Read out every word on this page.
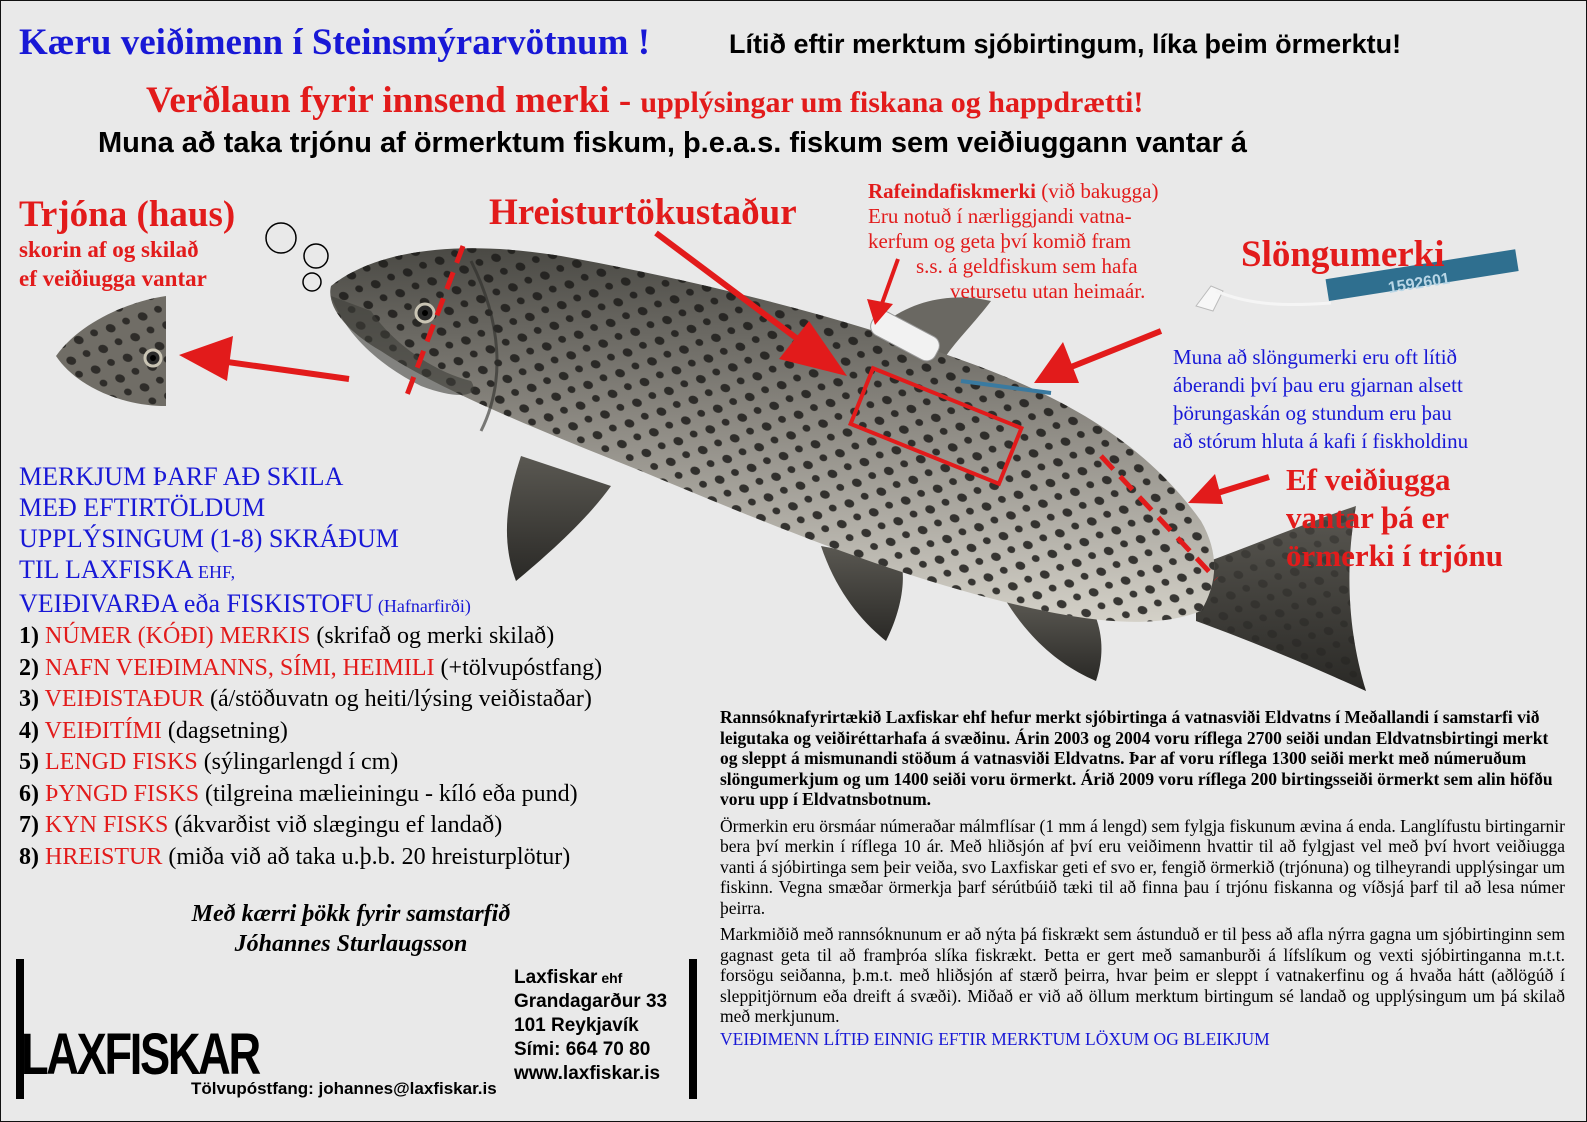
1592601
Kæru veiðimenn í Steinsmýrarvötnum !	Lítið eftir merktum sjóbirtingum, líka þeim örmerktu!
Verðlaun fyrir innsend merki - upplýsingar um fiskana og happdrætti!
Muna að taka trjónu af örmerktum fiskum, þ.e.a.s. fiskum sem veiðiuggann vantar á
Trjóna (haus)
skorin af og skilað
ef veiðiugga vantar
Hreisturtökustaður
Rafeindafiskmerki (við bakugga)
Eru notuð í nærliggjandi vatna-
kerfum og geta því komið fram
s.s. á geldfiskum sem hafa
vetursetu utan heimaár.
Slöngumerki
Muna að slöngumerki eru oft lítið
áberandi því þau eru gjarnan alsett
þörungaskán og stundum eru þau
að stórum hluta á kafi í fiskholdinu
Ef veiðiugga
vantar þá er
örmerki í trjónu
MERKJUM ÞARF AÐ SKILA
MEÐ EFTIRTÖLDUM
UPPLÝSINGUM (1-8) SKRÁÐUM
TIL LAXFISKA EHF,
VEIÐIVARÐA eða FISKISTOFU (Hafnarfirði)
1) NÚMER (KÓÐI) MERKIS (skrifað og merki skilað)
2) NAFN VEIÐIMANNS, SÍMI, HEIMILI (+tölvupóstfang)
3) VEIÐISTAÐUR (á/stöðuvatn og heiti/lýsing veiðistaðar)
4) VEIÐITÍMI (dagsetning)
5) LENGD FISKS (sýlingarlengd í cm)
6) ÞYNGD FISKS (tilgreina mælieiningu - kíló eða pund)
7) KYN FISKS (ákvarðist við slægingu ef landað)
8) HREISTUR (miða við að taka u.þ.b. 20 hreisturplötur)
Með kærri þökk fyrir samstarfið
Jóhannes Sturlaugsson
LAXFISKAR
Laxfiskar ehf
Grandagarður 33
101 Reykjavík
Sími: 664 70 80
www.laxfiskar.is
Tölvupóstfang: johannes@laxfiskar.is

Rannsóknafyrirtækið Laxfiskar ehf hefur merkt sjóbirtinga á vatnasviði Eldvatns í Meðallandi í samstarfi við leigutaka og veiðiréttarhafa á svæðinu. Árin 2003 og 2004 voru ríflega 2700 seiði undan Eldvatnsbirtingi merkt og sleppt á mismunandi stöðum á vatnasviði Eldvatns. Þar af voru ríflega 1300 seiði merkt með númeruðum slöngumerkjum og um 1400 seiði voru örmerkt. Árið 2009 voru ríflega 200 birtingsseiði örmerkt sem alin höfðu voru upp í Eldvatnsbotnum.

Örmerkin eru örsmáar númeraðar málmflísar (1 mm á lengd) sem fylgja fiskunum ævina á enda. Langlífustu birtingarnir bera því merkin í ríflega 10 ár. Með hliðsjón af því eru veiðimenn hvattir til að fylgjast vel með því hvort veiðiugga vanti á sjóbirtinga sem þeir veiða, svo Laxfiskar geti ef svo er, fengið örmerkið (trjónuna) og tilheyrandi upplýsingar um fiskinn. Vegna smæðar örmerkja þarf sérútbúið tæki til að finna þau í trjónu fiskanna og víðsjá þarf til að lesa númer þeirra.

Markmiðið með rannsóknunum er að nýta þá fiskrækt sem ástunduð er til þess að afla nýrra gagna um sjóbirtinginn sem gagnast geta til að framþróa slíka fiskrækt. Þetta er gert með samanburði á lífslíkum og vexti sjóbirtinganna m.t.t. forsögu seiðanna, þ.m.t. með hliðsjón af stærð þeirra, hvar þeim er sleppt í vatnakerfinu og á hvaða hátt (aðlögúð í sleppitjörnum eða dreift á svæði). Miðað er við að öllum merktum birtingum sé landað og upplýsingum um þá skilað með merkjunum.

VEIÐIMENN LÍTIÐ EINNIG EFTIR MERKTUM LÖXUM OG BLEIKJUM
